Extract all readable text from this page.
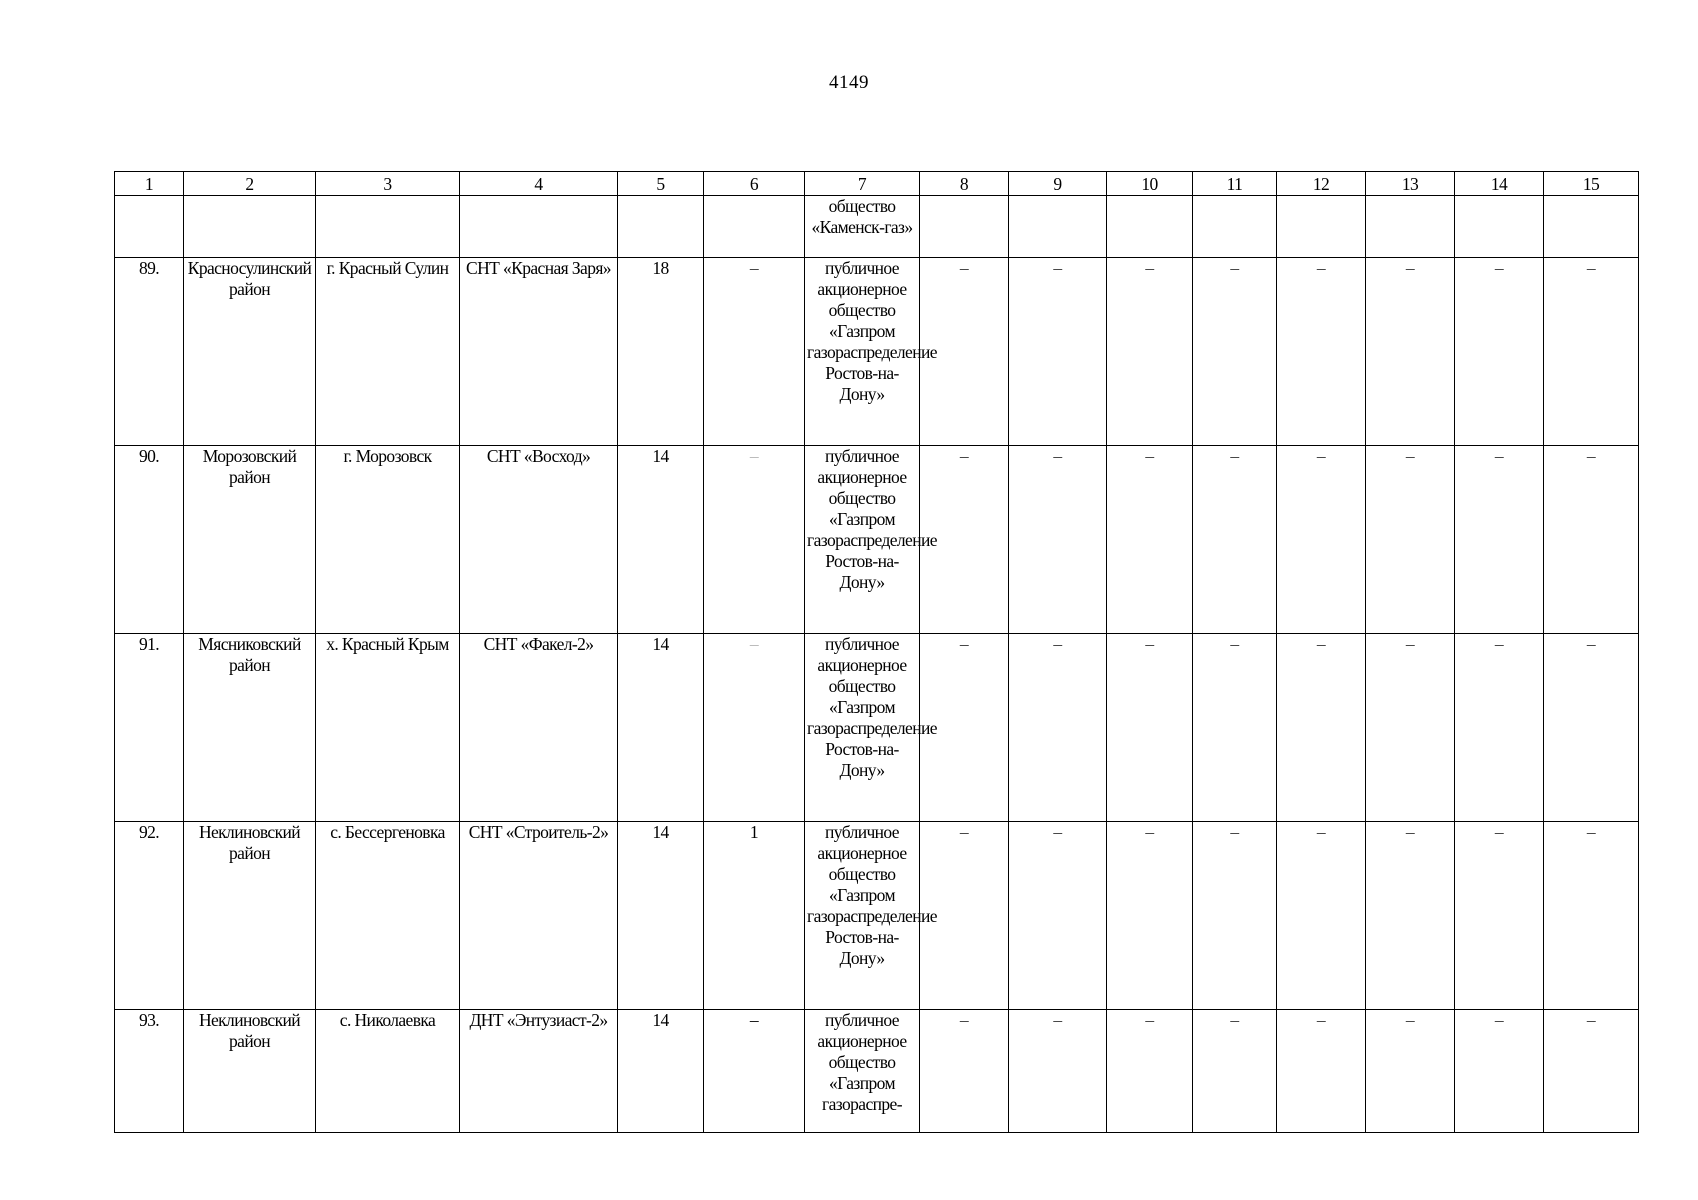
4149
1	2	3	4	5	6	7	8	9	10	11	12	13	14	15
						общество «Каменск-газ»								
89.	Красносулинский район	г. Красный Сулин	СНТ «Красная Заря»	18	–	публичное акционерное общество «Газпром газораспределение Ростов-на-Дону»	–	–	–	–	–	–	–	–
90.	Морозовский район	г. Морозовск	СНТ «Восход»	14	–	публичное акционерное общество «Газпром газораспределение Ростов-на-Дону»	–	–	–	–	–	–	–	–
91.	Мясниковский район	х. Красный Крым	СНТ «Факел-2»	14	–	публичное акционерное общество «Газпром газораспределение Ростов-на-Дону»	–	–	–	–	–	–	–	–
92.	Неклиновский район	с. Бессергеновка	СНТ «Строитель-2»	14	1	публичное акционерное общество «Газпром газораспределение Ростов-на-Дону»	–	–	–	–	–	–	–	–
93.	Неклиновский район	с. Николаевка	ДНТ «Энтузиаст-2»	14	–	публичное акционерное общество «Газпром газораспре-	–	–	–	–	–	–	–	–
